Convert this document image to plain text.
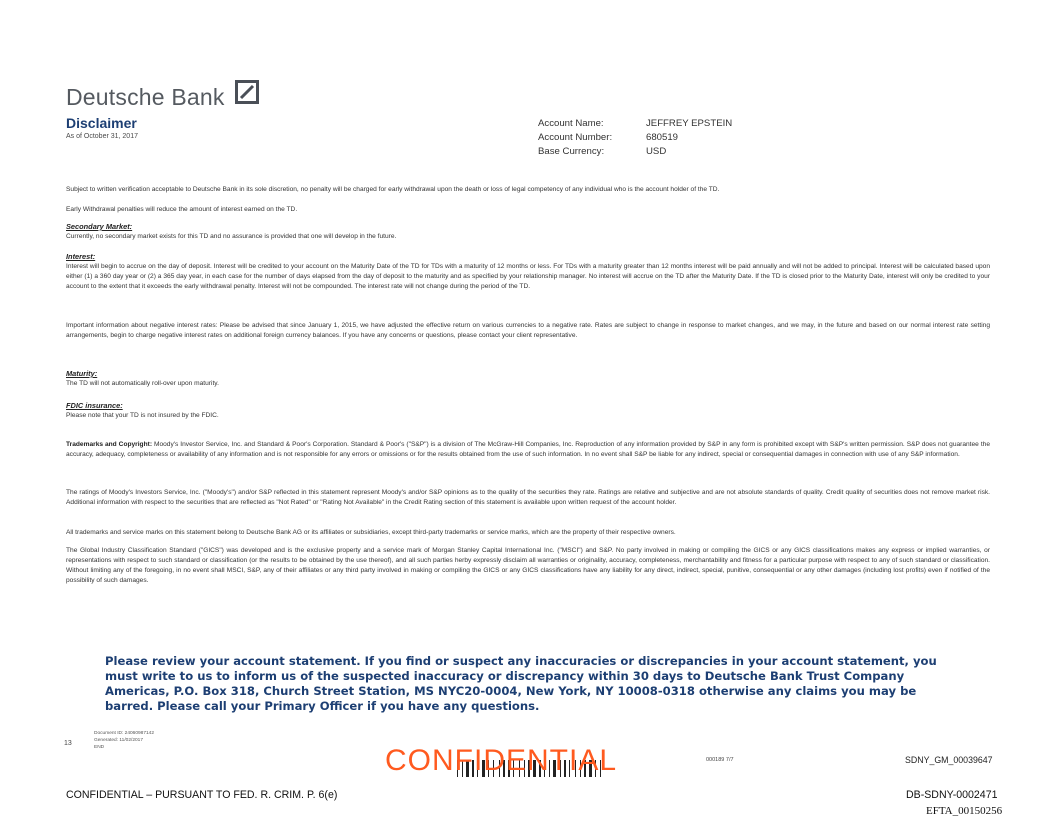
Deutsche Bank
Disclaimer
As of October 31, 2017
Account Name:	JEFFREY EPSTEIN
Account Number:	680519
Base Currency:	USD
Subject to written verification acceptable to Deutsche Bank in its sole discretion, no penalty will be charged for early withdrawal upon the death or loss of legal competency of any individual who is the account holder of the TD.
Early Withdrawal penalties will reduce the amount of interest earned on the TD.
Secondary Market:
Currently, no secondary market exists for this TD and no assurance is provided that one will develop in the future.
Interest:
Interest will begin to accrue on the day of deposit. Interest will be credited to your account on the Maturity Date of the TD for TDs with a maturity of 12 months or less. For TDs with a maturity greater than 12 months interest will be paid annually and will not be added to principal. Interest will be calculated based upon either (1) a 360 day year or (2) a 365 day year, in each case for the number of days elapsed from the day of deposit to the maturity and as specified by your relationship manager. No interest will accrue on the TD after the Maturity Date. If the TD is closed prior to the Maturity Date, interest will only be credited to your account to the extent that it exceeds the early withdrawal penalty. Interest will not be compounded. The interest rate will not change during the period of the TD.
Important information about negative interest rates: Please be advised that since January 1, 2015, we have adjusted the effective return on various currencies to a negative rate. Rates are subject to change in response to market changes, and we may, in the future and based on our normal interest rate setting arrangements, begin to charge negative interest rates on additional foreign currency balances. If you have any concerns or questions, please contact your client representative.
Maturity:
The TD will not automatically roll-over upon maturity.
FDIC insurance:
Please note that your TD is not insured by the FDIC.
Trademarks and Copyright: Moody's Investor Service, Inc. and Standard & Poor's Corporation. Standard & Poor's ("S&P") is a division of The McGraw-Hill Companies, Inc. Reproduction of any information provided by S&P in any form is prohibited except with S&P's written permission. S&P does not guarantee the accuracy, adequacy, completeness or availability of any information and is not responsible for any errors or omissions or for the results obtained from the use of such information. In no event shall S&P be liable for any indirect, special or consequential damages in connection with use of any S&P information.
The ratings of Moody's Investors Service, Inc. ("Moody's") and/or S&P reflected in this statement represent Moody's and/or S&P opinions as to the quality of the securities they rate. Ratings are relative and subjective and are not absolute standards of quality. Credit quality of securities does not remove market risk. Additional information with respect to the securities that are reflected as "Not Rated" or "Rating Not Available" in the Credit Rating section of this statement is available upon written request of the account holder.
All trademarks and service marks on this statement belong to Deutsche Bank AG or its affiliates or subsidiaries, except third-party trademarks or service marks, which are the property of their respective owners.
The Global Industry Classification Standard ("GICS") was developed and is the exclusive property and a service mark of Morgan Stanley Capital International Inc. ("MSCI") and S&P. No party involved in making or compiling the GICS or any GICS classifications makes any express or implied warranties, or representations with respect to such standard or classification (or the results to be obtained by the use thereof), and all such parties herby expressly disclaim all warranties or originality, accuracy, completeness, merchantability and fitness for a particular purpose with respect to any of such standard or classification. Without limiting any of the foregoing, in no event shall MSCI, S&P, any of their affiliates or any third party involved in making or compiling the GICS or any GICS classifications have any liability for any direct, indirect, special, punitive, consequential or any other damages (including lost profits) even if notified of the possibility of such damages.
Please review your account statement. If you find or suspect any inaccuracies or discrepancies in your account statement, you must write to us to inform us of the suspected inaccuracy or discrepancy within 30 days to Deutsche Bank Trust Company Americas, P.O. Box 318, Church Street Station, MS NYC20-0004, New York, NY 10008-0318 otherwise any claims you may be barred. Please call your Primary Officer if you have any questions.
13
Document ID: 24060987142
Generated: 11/02/2017
END	CONFIDENTIAL	000189 7/7	SDNY_GM_00039647
CONFIDENTIAL – PURSUANT TO FED. R. CRIM. P. 6(e)	DB-SDNY-0002471
EFTA_00150256
